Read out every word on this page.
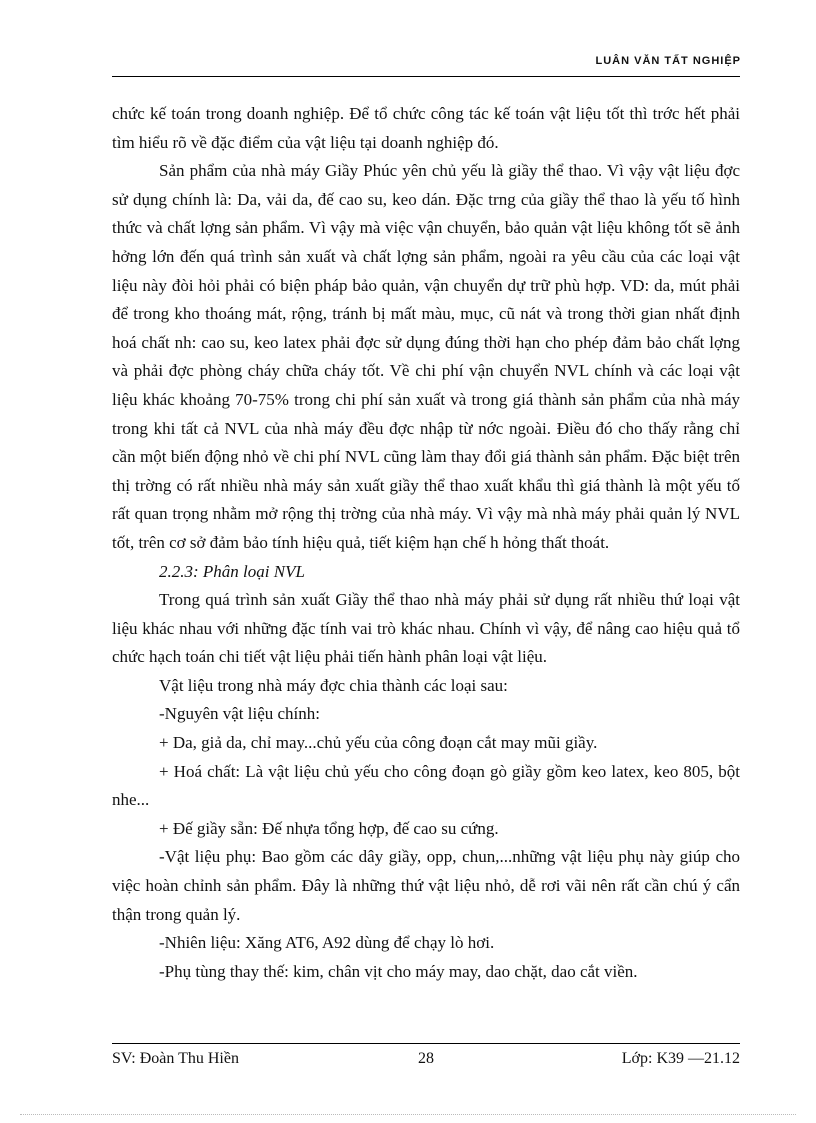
LUÂN VĂN TẤT NGHIỆP

chức kế toán trong doanh nghiệp. Để tổ chức công tác kế toán vật liệu tốt thì trớc hết phải tìm hiểu rõ về đặc điểm của vật liệu tại doanh nghiệp đó.

Sản phẩm của nhà máy Giầy Phúc yên chủ yếu là giầy thể thao. Vì vậy vật liệu đợc sử dụng chính là: Da, vải da, đế cao su, keo dán. Đặc trng của giầy thể thao là yếu tố hình thức và chất lợng sản phẩm. Vì vậy mà việc vận chuyển, bảo quản vật liệu không tốt sẽ ảnh hởng lớn đến quá trình sản xuất và chất lợng sản phẩm, ngoài ra yêu cầu của các loại vật liệu này đòi hỏi phải có biện pháp bảo quản, vận chuyển dự trữ phù hợp. VD: da, mút phải để trong kho thoáng mát, rộng, tránh bị mất màu, mục, cũ nát và trong thời gian nhất định hoá chất nh: cao su, keo latex phải đợc sử dụng đúng thời hạn cho phép đảm bảo chất lợng và phải đợc phòng cháy chữa cháy tốt. Về chi phí vận chuyển NVL chính và các loại vật liệu khác khoảng 70-75% trong chi phí sản xuất và trong giá thành sản phẩm của nhà máy trong khi tất cả NVL của nhà máy đều đợc nhập từ nớc ngoài. Điều đó cho thấy rằng chỉ cần một biến động nhỏ về chi phí NVL cũng làm thay đổi giá thành sản phẩm. Đặc biệt trên thị trờng có rất nhiều nhà máy sản xuất giầy thể thao xuất khẩu thì giá thành là một yếu tố rất quan trọng nhằm mở rộng thị trờng của nhà máy. Vì vậy mà nhà máy phải quản lý NVL tốt, trên cơ sở đảm bảo tính hiệu quả, tiết kiệm hạn chế h hỏng thất thoát.

2.2.3: Phân loại NVL

Trong quá trình sản xuất Giầy thể thao nhà máy phải sử dụng rất nhiều thứ loại vật liệu khác nhau với những đặc tính vai trò khác nhau. Chính vì vậy, để nâng cao hiệu quả tổ chức hạch toán chi tiết vật liệu phải tiến hành phân loại vật liệu.

Vật liệu trong nhà máy đợc chia thành các loại sau:

-Nguyên vật liệu chính:

+ Da, giả da, chỉ may...chủ yếu của công đoạn cắt may mũi giầy.

+ Hoá chất: Là vật liệu chủ yếu cho công đoạn gò giầy gồm keo latex, keo 805, bột nhe...

+ Đế giầy sẵn: Đế nhựa tổng hợp, đế cao su cứng.

-Vật liệu phụ: Bao gồm các dây giầy, opp, chun,...những vật liệu phụ này giúp cho việc hoàn chỉnh sản phẩm. Đây là những thứ vật liệu nhỏ, dễ rơi vãi nên rất cần chú ý cẩn thận trong quản lý.

-Nhiên liệu: Xăng AT6, A92 dùng để chạy lò hơi.

-Phụ tùng thay thế: kim, chân vịt cho máy may, dao chặt, dao cắt viền.

SV: Đoàn Thu Hiền	28	Lớp: K39 —21.12
